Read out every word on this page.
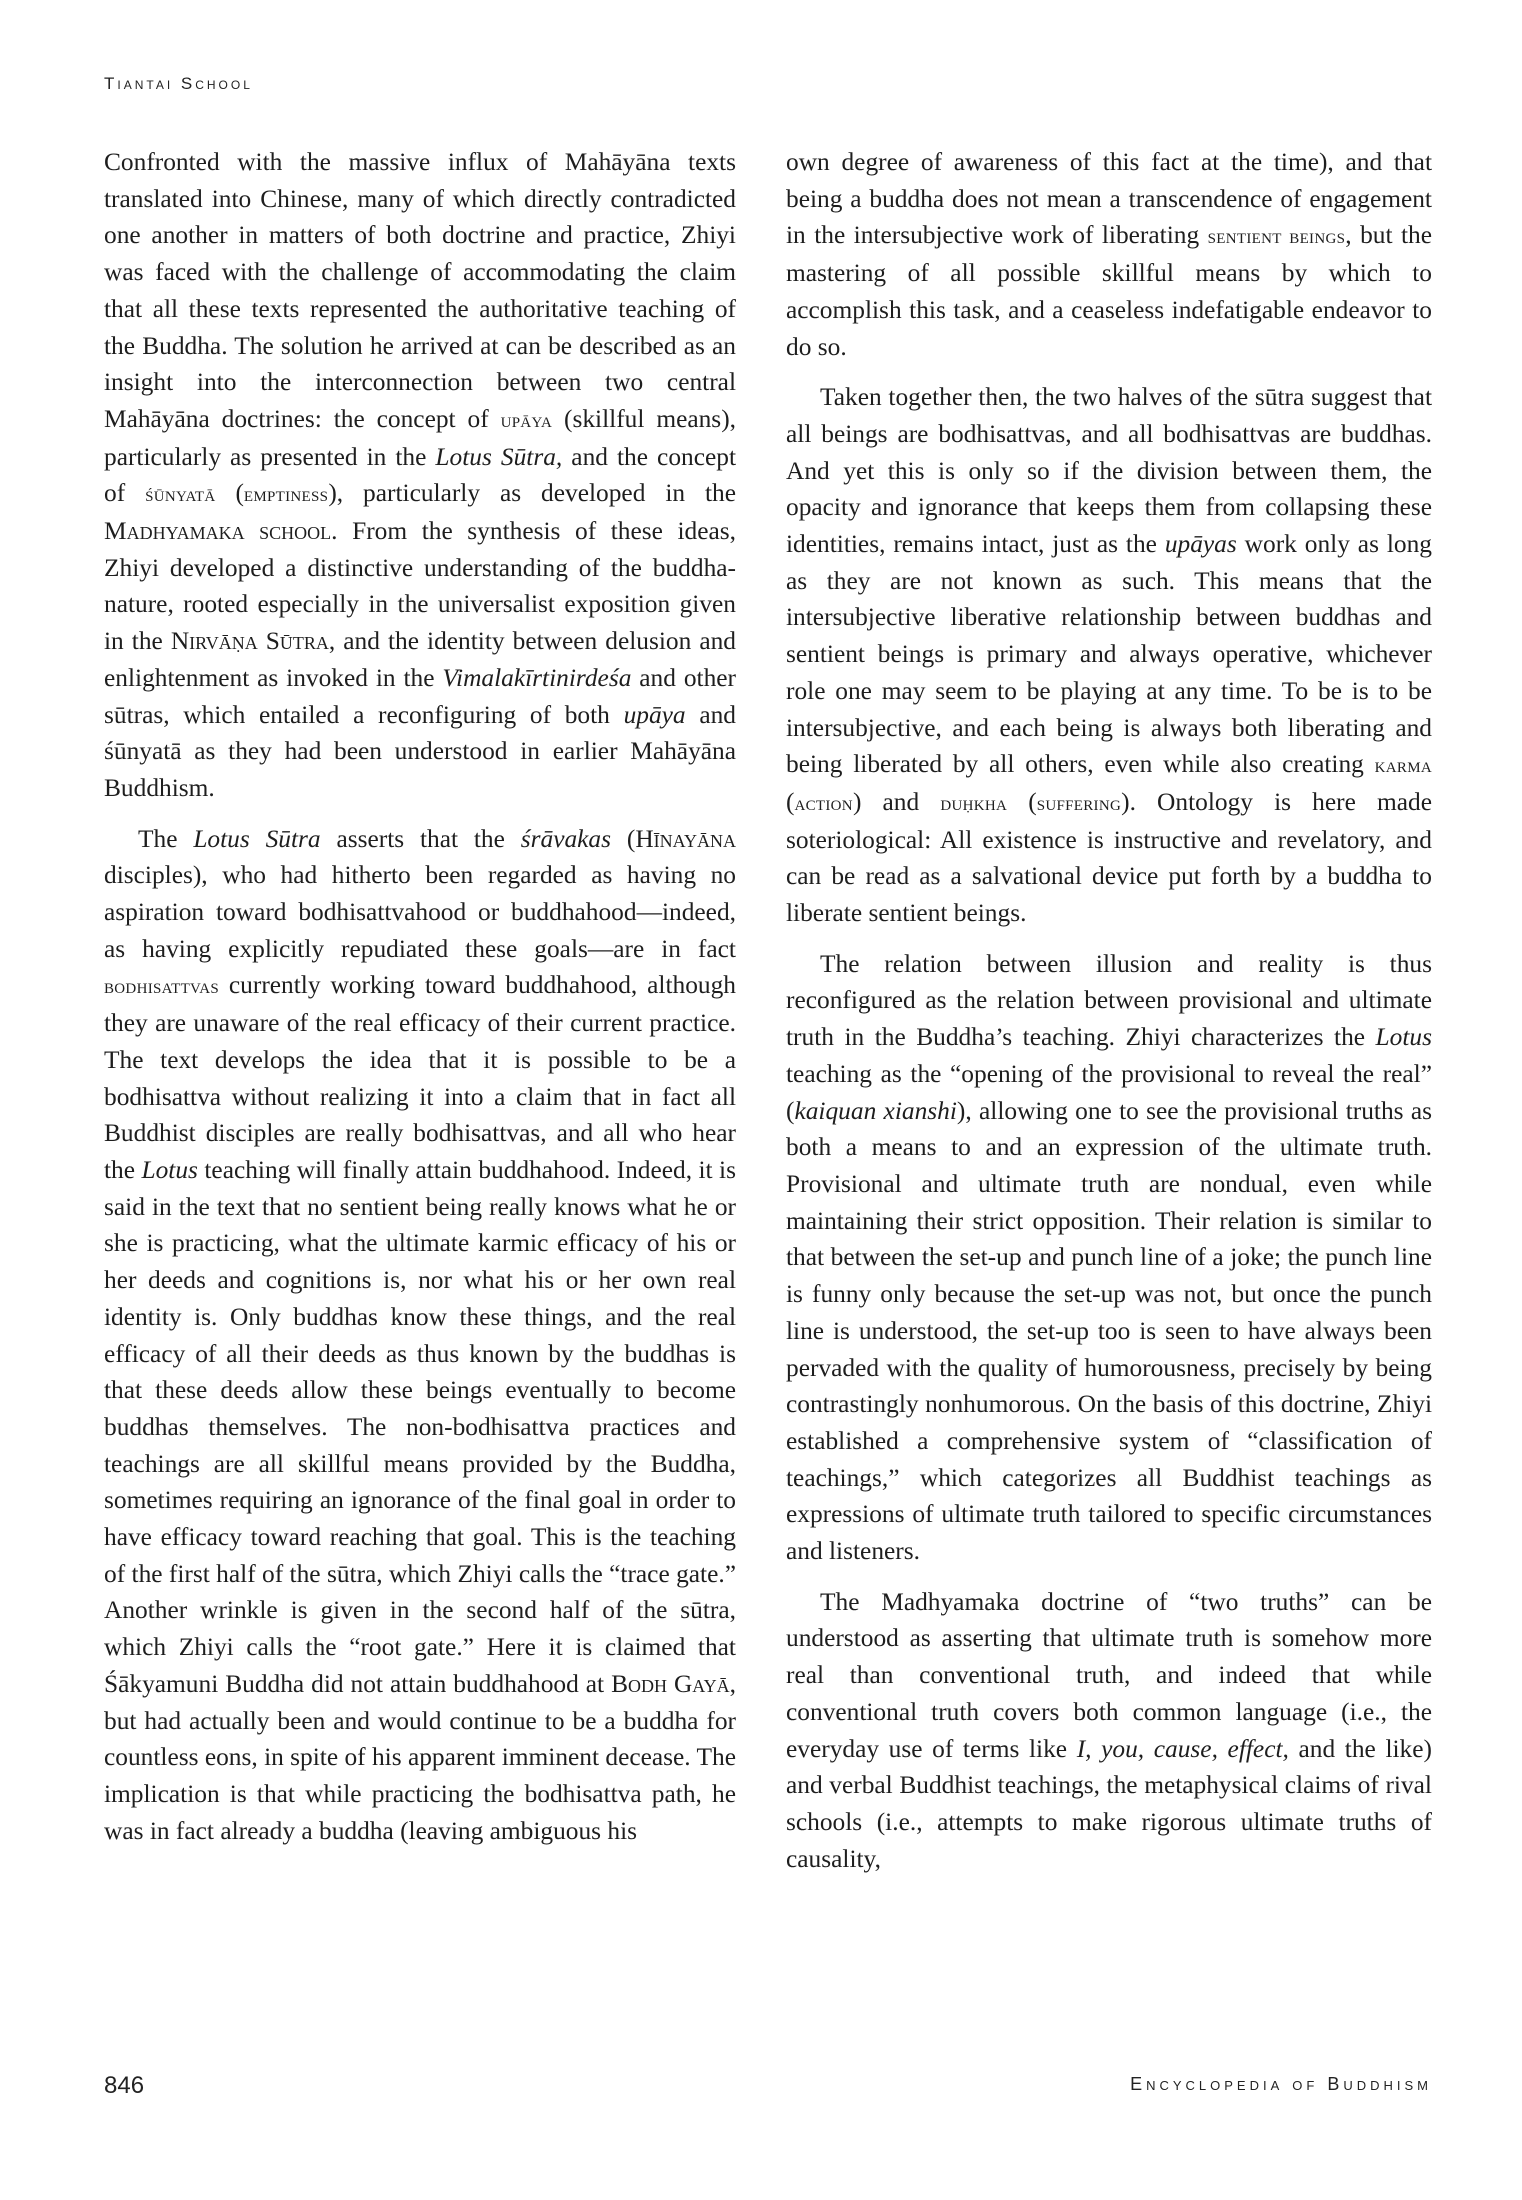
Tiantai School

Confronted with the massive influx of Mahāyāna texts translated into Chinese, many of which directly contradicted one another in matters of both doctrine and practice, Zhiyi was faced with the challenge of accommodating the claim that all these texts represented the authoritative teaching of the Buddha. The solution he arrived at can be described as an insight into the interconnection between two central Mahāyāna doctrines: the concept of upāya (skillful means), particularly as presented in the Lotus Sūtra, and the concept of śūnyatā (emptiness), particularly as developed in the Madhyamaka school. From the synthesis of these ideas, Zhiyi developed a distinctive understanding of the buddha-nature, rooted especially in the universalist exposition given in the Nirvāṇa Sūtra, and the identity between delusion and enlightenment as invoked in the Vimalakīrtinirdeśa and other sūtras, which entailed a reconfiguring of both upāya and śūnyatā as they had been understood in earlier Mahāyāna Buddhism.

The Lotus Sūtra asserts that the śrāvakas (Hīnayāna disciples), who had hitherto been regarded as having no aspiration toward bodhisattvahood or buddhahood—indeed, as having explicitly repudiated these goals—are in fact bodhisattvas currently working toward buddhahood, although they are unaware of the real efficacy of their current practice. The text develops the idea that it is possible to be a bodhisattva without realizing it into a claim that in fact all Buddhist disciples are really bodhisattvas, and all who hear the Lotus teaching will finally attain buddhahood. Indeed, it is said in the text that no sentient being really knows what he or she is practicing, what the ultimate karmic efficacy of his or her deeds and cognitions is, nor what his or her own real identity is. Only buddhas know these things, and the real efficacy of all their deeds as thus known by the buddhas is that these deeds allow these beings eventually to become buddhas themselves. The non-bodhisattva practices and teachings are all skillful means provided by the Buddha, sometimes requiring an ignorance of the final goal in order to have efficacy toward reaching that goal. This is the teaching of the first half of the sūtra, which Zhiyi calls the “trace gate.” Another wrinkle is given in the second half of the sūtra, which Zhiyi calls the “root gate.” Here it is claimed that Śākyamuni Buddha did not attain buddhahood at Bodh Gayā, but had actually been and would continue to be a buddha for countless eons, in spite of his apparent imminent decease. The implication is that while practicing the bodhisattva path, he was in fact already a buddha (leaving ambiguous his

own degree of awareness of this fact at the time), and that being a buddha does not mean a transcendence of engagement in the intersubjective work of liberating sentient beings, but the mastering of all possible skillful means by which to accomplish this task, and a ceaseless indefatigable endeavor to do so.

Taken together then, the two halves of the sūtra suggest that all beings are bodhisattvas, and all bodhisattvas are buddhas. And yet this is only so if the division between them, the opacity and ignorance that keeps them from collapsing these identities, remains intact, just as the upāyas work only as long as they are not known as such. This means that the intersubjective liberative relationship between buddhas and sentient beings is primary and always operative, whichever role one may seem to be playing at any time. To be is to be intersubjective, and each being is always both liberating and being liberated by all others, even while also creating karma (action) and duḥkha (suffering). Ontology is here made soteriological: All existence is instructive and revelatory, and can be read as a salvational device put forth by a buddha to liberate sentient beings.

The relation between illusion and reality is thus reconfigured as the relation between provisional and ultimate truth in the Buddha’s teaching. Zhiyi characterizes the Lotus teaching as the “opening of the provisional to reveal the real” (kaiquan xianshi), allowing one to see the provisional truths as both a means to and an expression of the ultimate truth. Provisional and ultimate truth are nondual, even while maintaining their strict opposition. Their relation is similar to that between the set-up and punch line of a joke; the punch line is funny only because the set-up was not, but once the punch line is understood, the set-up too is seen to have always been pervaded with the quality of humorousness, precisely by being contrastingly nonhumorous. On the basis of this doctrine, Zhiyi established a comprehensive system of “classification of teachings,” which categorizes all Buddhist teachings as expressions of ultimate truth tailored to specific circumstances and listeners.

The Madhyamaka doctrine of “two truths” can be understood as asserting that ultimate truth is somehow more real than conventional truth, and indeed that while conventional truth covers both common language (i.e., the everyday use of terms like I, you, cause, effect, and the like) and verbal Buddhist teachings, the metaphysical claims of rival schools (i.e., attempts to make rigorous ultimate truths of causality,

846	Encyclopedia of Buddhism
